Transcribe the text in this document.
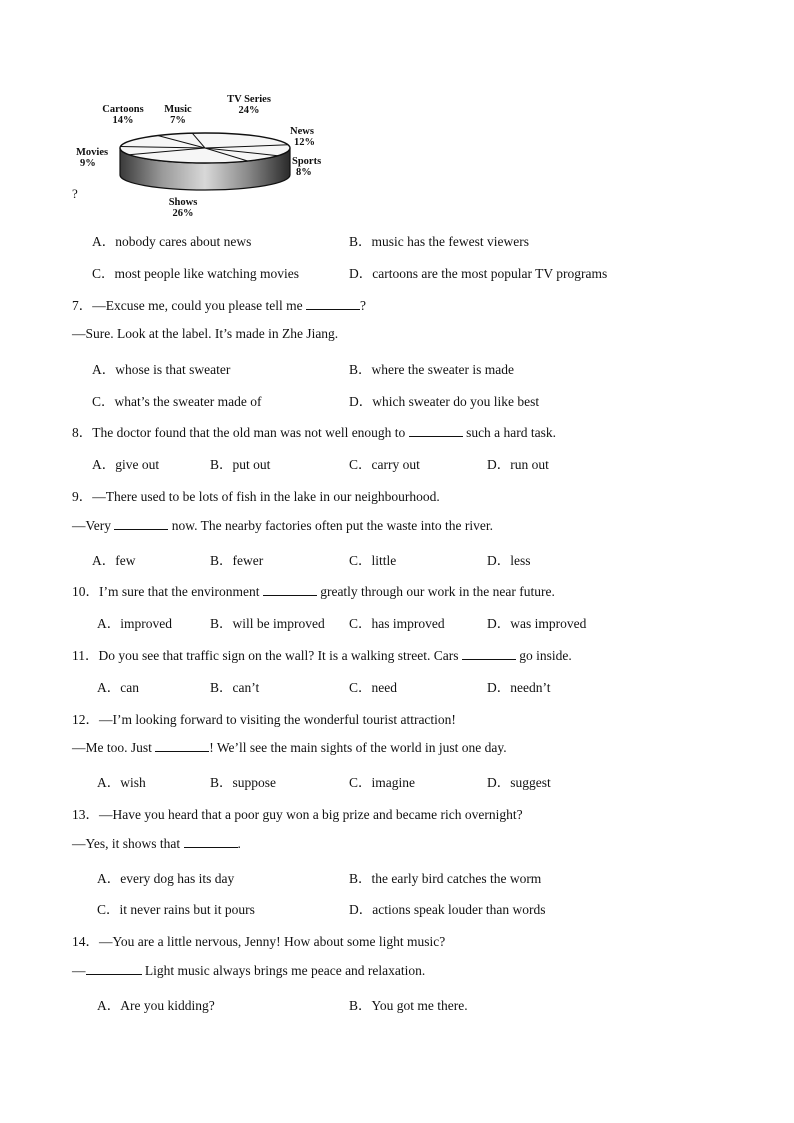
TV Series
24%
News
12%
Sports
8%
Shows
26%
Movies
9%
Cartoons
14%
Music
7%
?
A．nobody cares about news	B．music has the fewest viewers
C．most people like watching movies	D．cartoons are the most popular TV programs
7．—Excuse me, could you please tell me	?
—Sure. Look at the label. It’s made in Zhe Jiang.
A．whose is that sweater	B．where the sweater is made
C．what’s the sweater made of	D．which sweater do you like best
8．The doctor found that the old man was not well enough to	such a hard task.
A．give out	B．put out	C．carry out	D．run out
9．—There used to be lots of fish in the lake in our neighbourhood.
—Very	now. The nearby factories often put the waste into the river.
A．few	B．fewer	C．little	D．less
10．I’m sure that the environment	greatly through our work in the near future.
A．improved	B．will be improved C．has improved	D．was improved
11．Do you see that traffic sign on the wall? It is a walking street. Cars	go inside.
A．can	B．can’t	C．need	D．needn’t
12．—I’m looking forward to visiting the wonderful tourist attraction!
—Me too. Just	! We’ll see the main sights of the world in just one day.
A．wish	B．suppose	C．imagine	D．suggest
13．—Have you heard that a poor guy won a big prize and became rich overnight?
—Yes, it shows that	.
A．every dog has its day	B．the early bird catches the worm
C．it never rains but it pours	D．actions speak louder than words
14．—You are a little nervous, Jenny! How about some light music?
—	Light music always brings me peace and relaxation.
A．Are you kidding?	B．You got me there.
